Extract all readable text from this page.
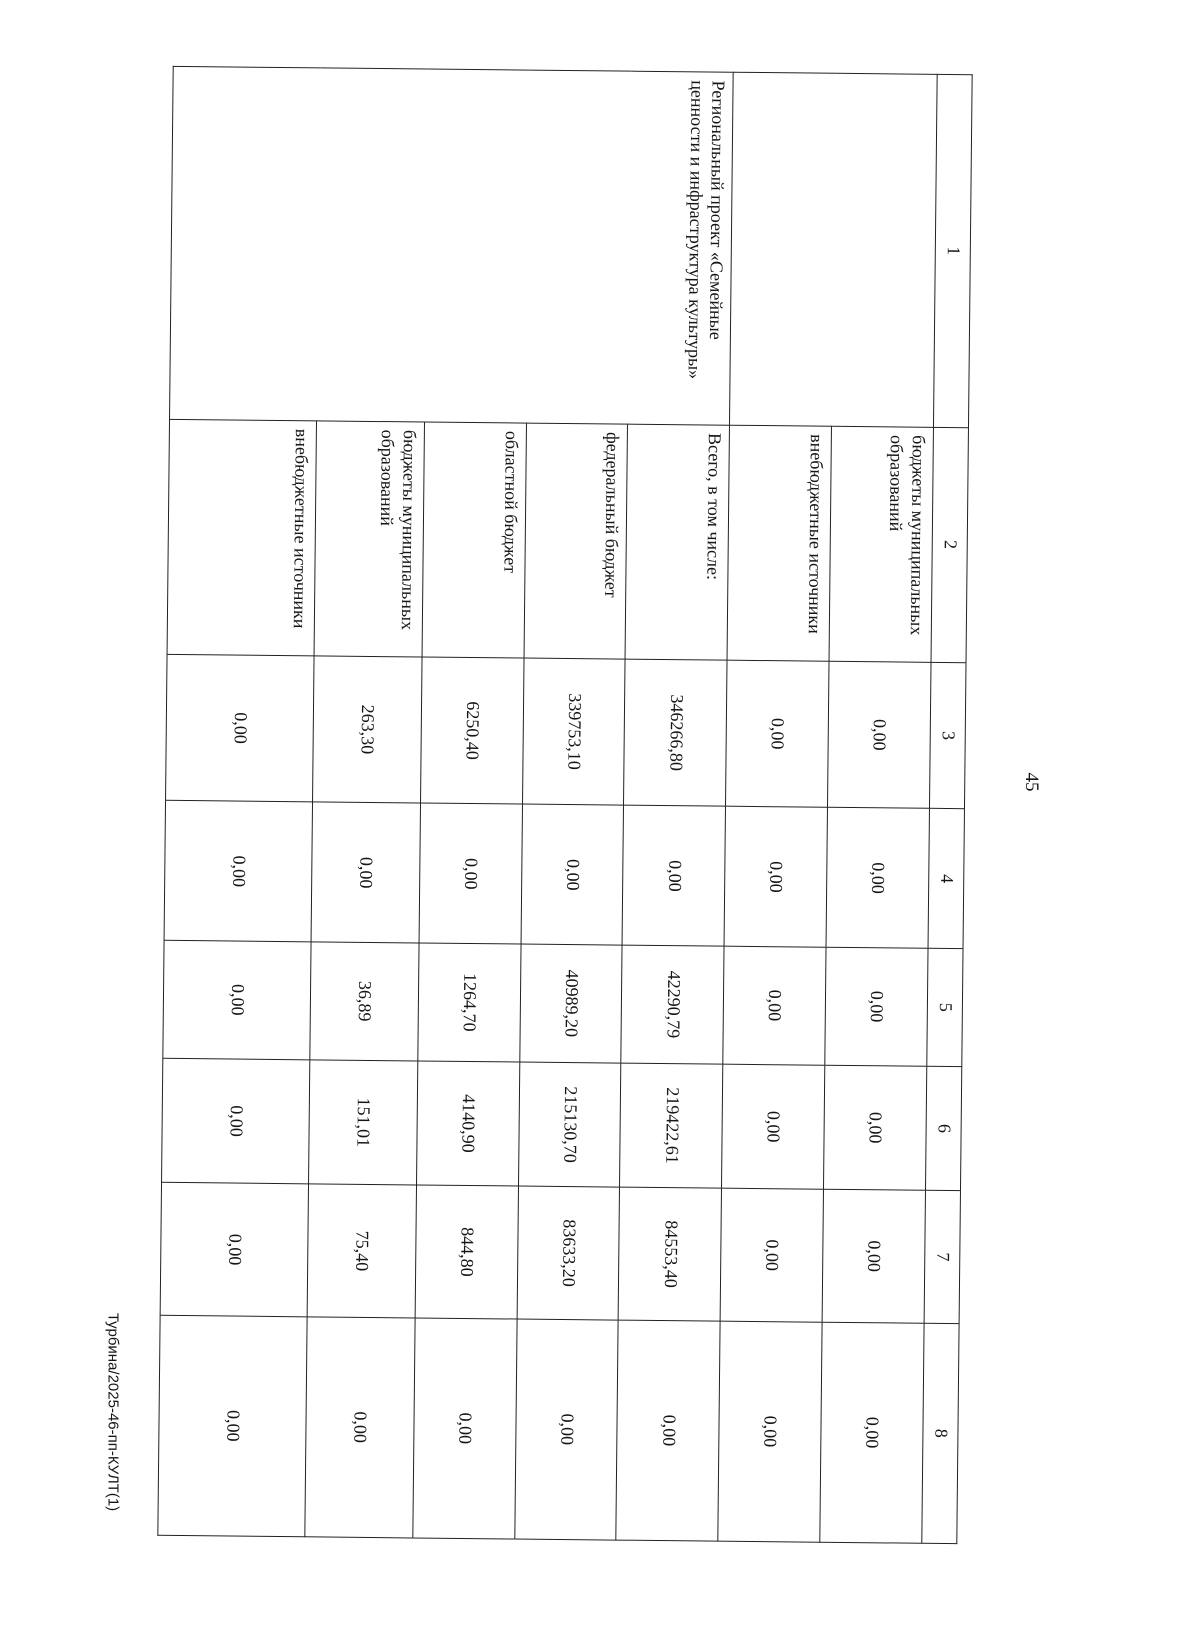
45
Турбина/2025-46-пп-КУЛТ(1)
1	2	3	4	5	6	7	8
	бюджеты муниципальных образований	0,00	0,00	0,00	0,00	0,00	0,00
	внебюджетные источники	0,00	0,00	0,00	0,00	0,00	0,00
Региональный проект «Семейные ценности и инфраструктура культуры»	Всего, в том числе:	346266,80	0,00	42290,79	219422,61	84553,40	0,00
	федеральный бюджет	339753,10	0,00	40989,20	215130,70	83633,20	0,00
	областной бюджет	6250,40	0,00	1264,70	4140,90	844,80	0,00
	бюджеты муниципальных образований	263,30	0,00	36,89	151,01	75,40	0,00
	внебюджетные источники	0,00	0,00	0,00	0,00	0,00	0,00
